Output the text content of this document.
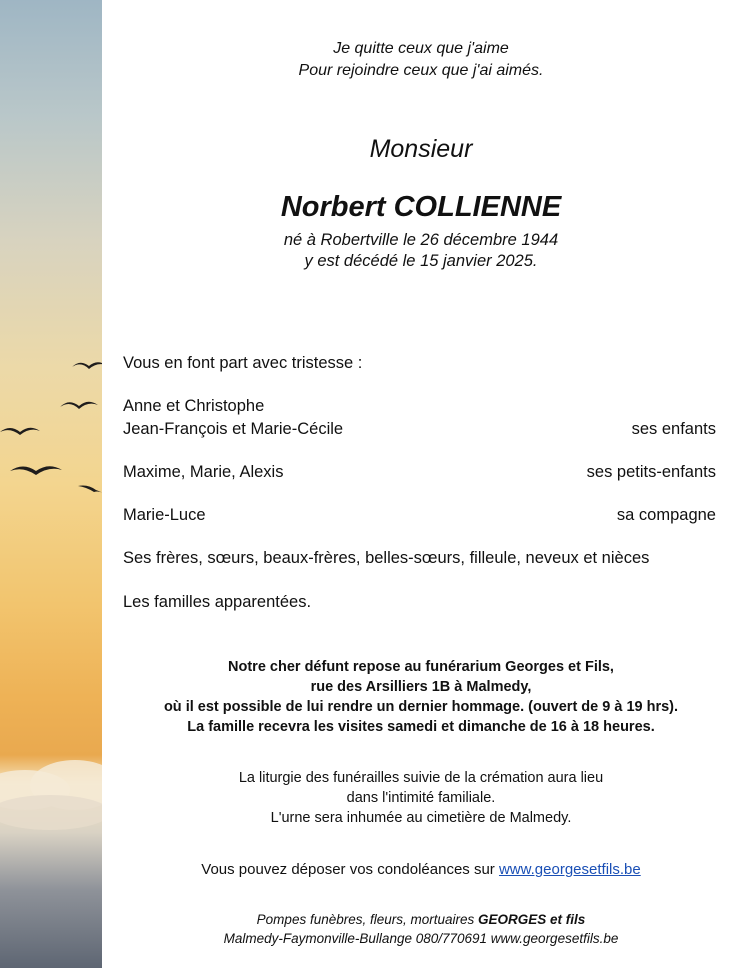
Je quitte ceux que j'aime
Pour rejoindre ceux que j'ai aimés.
Monsieur
Norbert COLLIENNE
né à Robertville le 26 décembre 1944
y est décédé le 15 janvier 2025.
Vous en font part avec tristesse :
Anne et Christophe
Jean-François et Marie-Cécile	ses enfants
Maxime, Marie, Alexis	ses petits-enfants
Marie-Luce	sa compagne
Ses frères, sœurs, beaux-frères, belles-sœurs, filleule, neveux et nièces
Les familles apparentées.
Notre cher défunt repose au funérarium Georges et Fils,
rue des Arsilliers 1B à Malmedy,
où il est possible de lui rendre un dernier hommage. (ouvert de 9 à 19 hrs).
La famille recevra les visites samedi et dimanche de 16 à 18 heures.
La liturgie des funérailles suivie de la crémation aura lieu
dans l'intimité familiale.
L'urne sera inhumée au cimetière de Malmedy.
Vous pouvez déposer vos condoléances sur www.georgesetfils.be
Pompes funèbres, fleurs, mortuaires GEORGES et fils
Malmedy-Faymonville-Bullange 080/770691 www.georgesetfils.be
